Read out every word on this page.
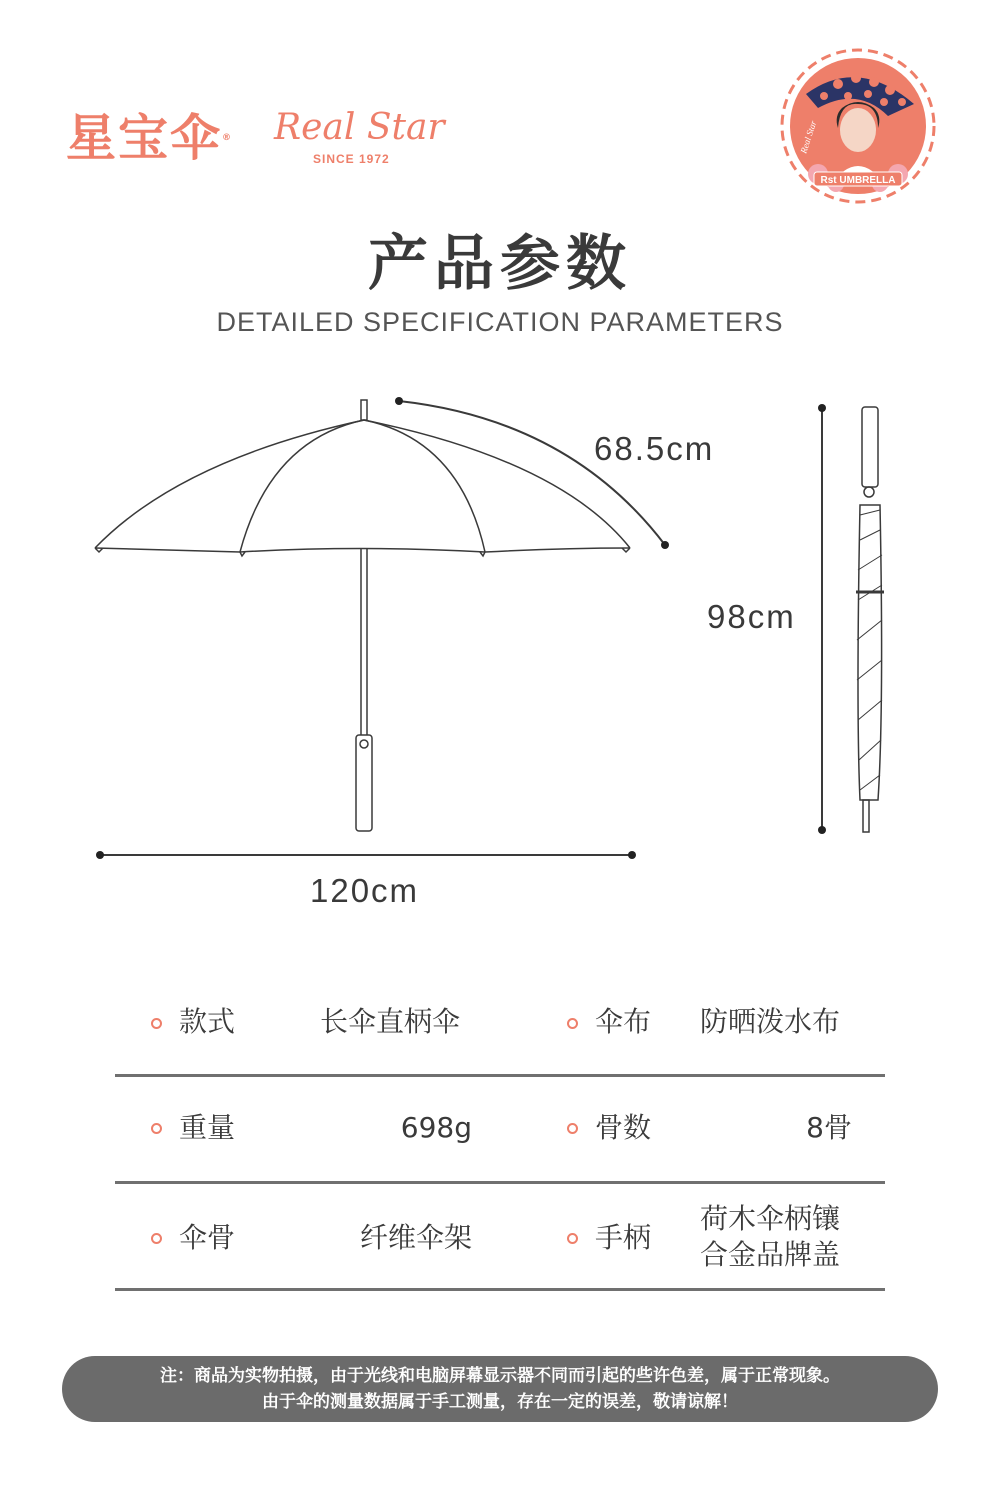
星宝伞® Real Star
SINCE 1972
Rst UMBRELLA
Real Star
产品参数
DETAILED SPECIFICATION PARAMETERS
68.5cm
98cm
120cm
款式	长伞直柄伞	伞布 防晒泼水布
重量	698g	骨数	8骨
伞骨	纤维伞架	手柄
荷木伞柄镶
合金品牌盖
注：商品为实物拍摄，由于光线和电脑屏幕显示器不同而引起的些许色差，属于正常现象。
由于伞的测量数据属于手工测量，存在一定的误差，敬请谅解！
